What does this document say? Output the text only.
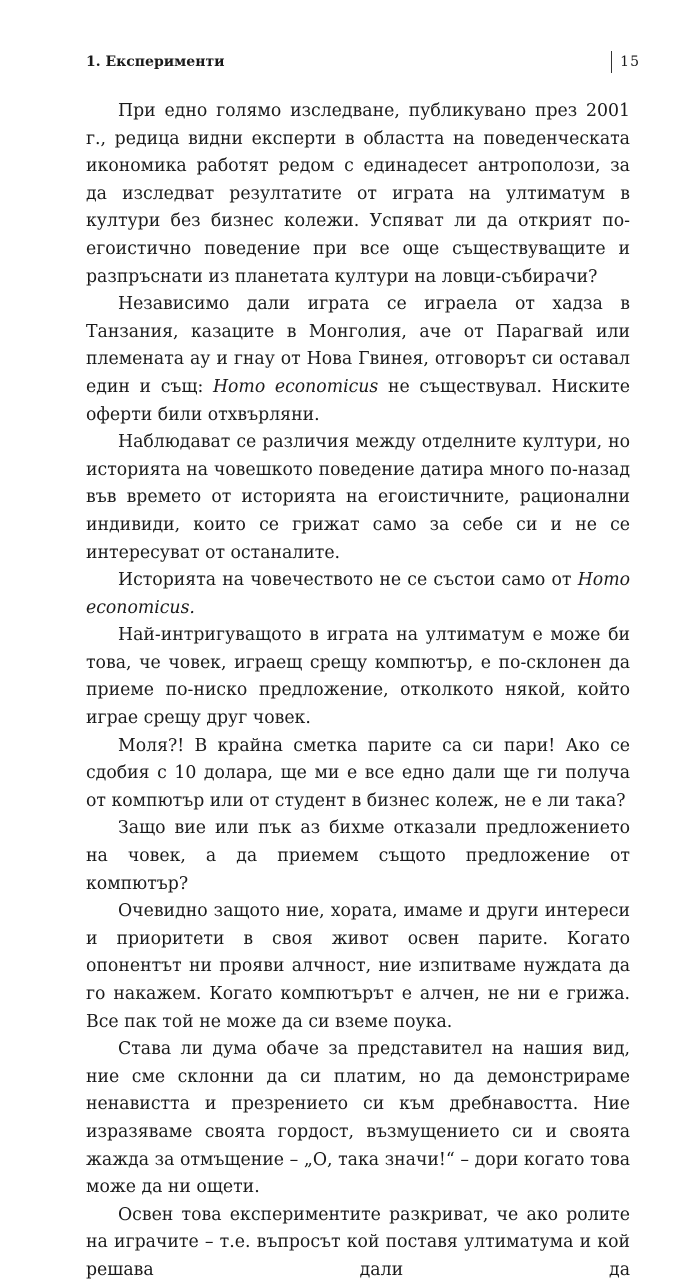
1. Експерименти	15

При едно голямо изследване, публикувано през 2001 г., редица видни експерти в областта на поведенческата икономика работят редом с единадесет антрополози, за да изследват резултатите от играта на ултиматум в култури без бизнес колежи. Успяват ли да открият по-егоистично поведение при все още съществуващите и разпръснати из планетата култури на ловци-събирачи?

Независимо дали играта се играела от хадза в Танзания, казаците в Монголия, аче от Парагвай или племената ау и гнау от Нова Гвинея, отговорът си оставал един и същ: Homo economicus не съществувал. Ниските оферти били отхвърляни.

Наблюдават се различия между отделните култури, но историята на човешкото поведение датира много по-назад във времето от историята на егоистичните, рационални индивиди, които се грижат само за себе си и не се интересуват от останалите.

Историята на човечеството не се състои само от Homo economicus.

Най-интригуващото в играта на ултиматум е може би това, че човек, играещ срещу компютър, е по-склонен да приеме по-ниско предложение, отколкото някой, който играе срещу друг човек.

Моля?! В крайна сметка парите са си пари! Ако се сдобия с 10 долара, ще ми е все едно дали ще ги получа от компютър или от студент в бизнес колеж, не е ли така?

Защо вие или пък аз бихме отказали предложението на човек, а да приемем същото предложение от компютър?

Очевидно защото ние, хората, имаме и други интереси и приоритети в своя живот освен парите. Когато опонентът ни прояви алчност, ние изпитваме нуждата да го накажем. Когато компютърът е алчен, не ни е грижа. Все пак той не може да си вземе поука.

Става ли дума обаче за представител на нашия вид, ние сме склонни да си платим, но да демонстрираме ненавистта и презрението си към дребнавостта. Ние изразяваме своята гордост, възмущението си и своята жажда за отмъщение – „О, така значи!“ – дори когато това може да ни ощети.

Освен това експериментите разкриват, че ако ролите на играчите – т.е. въпросът кой поставя ултиматума и кой решава дали да
